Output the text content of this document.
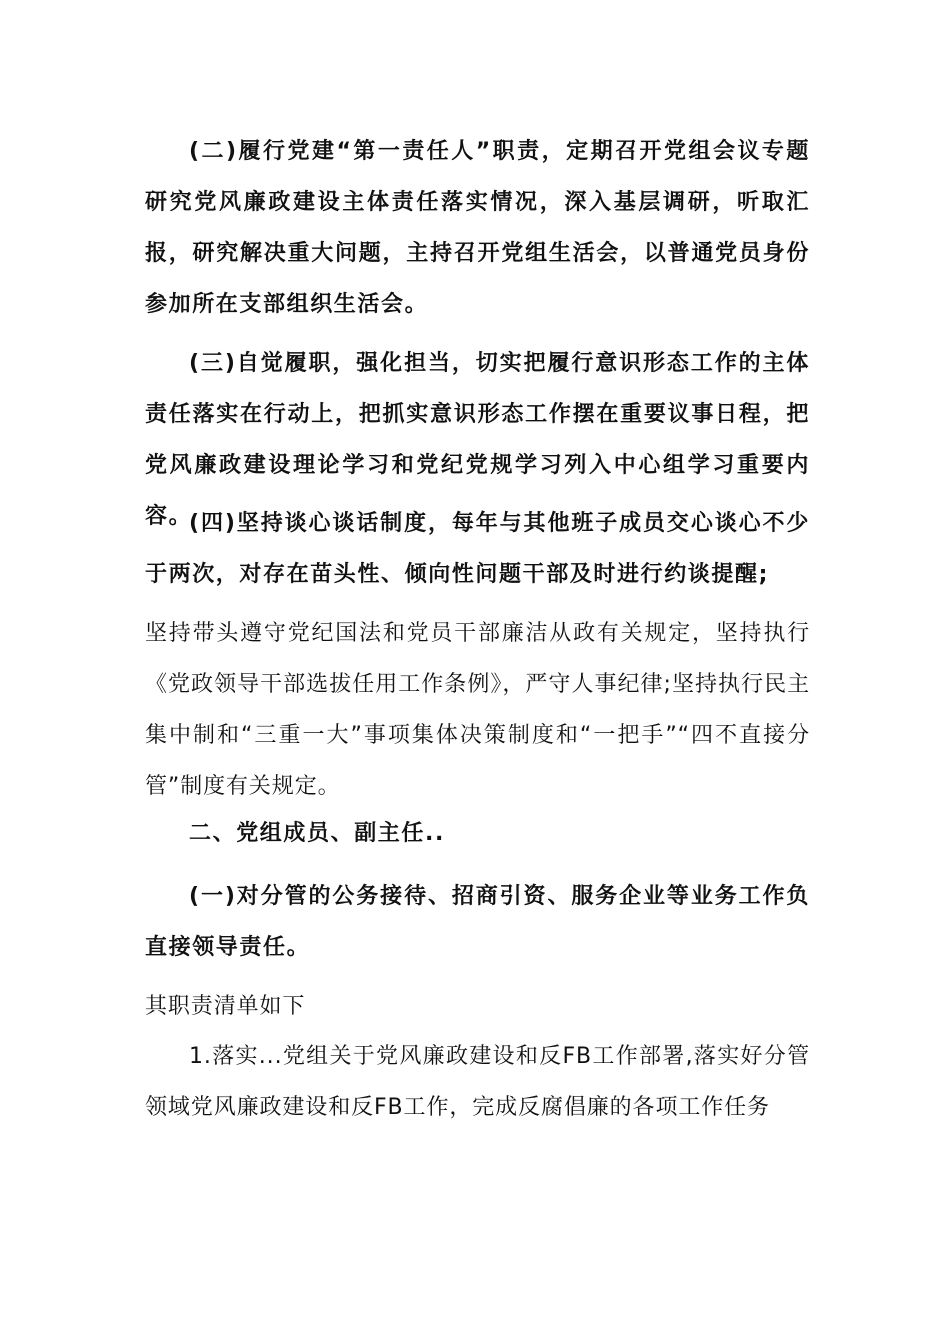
(二)履行党建“第一责任人”职责，定期召开党组会议专题研究党风廉政建设主体责任落实情况，深入基层调研，听取汇报，研究解决重大问题，主持召开党组生活会，以普通党员身份参加所在支部组织生活会。

(三)自觉履职，强化担当，切实把履行意识形态工作的主体责任落实在行动上，把抓实意识形态工作摆在重要议事日程，把党风廉政建设理论学习和党纪党规学习列入中心组学习重要内容。

(四)坚持谈心谈话制度，每年与其他班子成员交心谈心不少于两次，对存在苗头性、倾向性问题干部及时进行约谈提醒;

坚持带头遵守党纪国法和党员干部廉洁从政有关规定，坚持执行《党政领导干部选拔任用工作条例》，严守人事纪律;坚持执行民主集中制和“三重一大”事项集体决策制度和“一把手”“四不直接分管”制度有关规定。

二、党组成员、副主任..

(一)对分管的公务接待、招商引资、服务企业等业务工作负直接领导责任。

其职责清单如下

1.落实...党组关于党风廉政建设和反FB工作部署,落实好分管领域党风廉政建设和反FB工作，完成反腐倡廉的各项工作任务
